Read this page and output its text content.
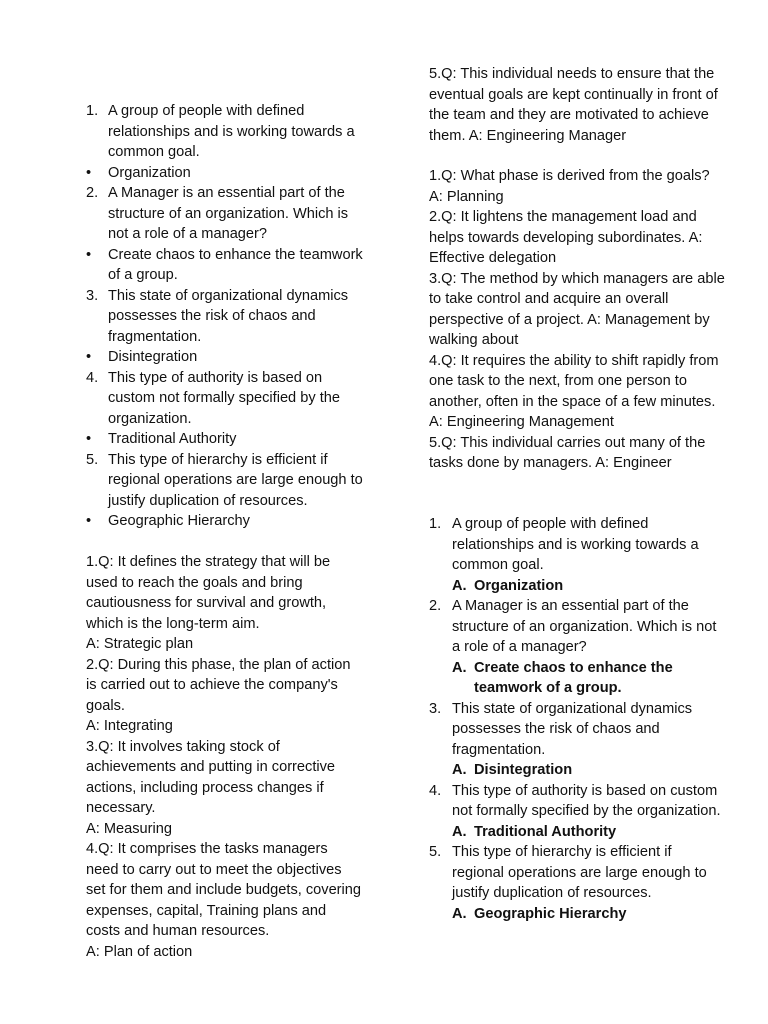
1. A group of people with defined relationships and is working towards a common goal.
•	Organization
2. A Manager is an essential part of the structure of an organization. Which is not a role of a manager?
•	Create chaos to enhance the teamwork of a group.
3. This state of organizational dynamics possesses the risk of chaos and fragmentation.
•	Disintegration
4. This type of authority is based on custom not formally specified by the organization.
•	Traditional Authority
5. This type of hierarchy is efficient if regional operations are large enough to justify duplication of resources.
•	Geographic Hierarchy
1.Q: It defines the strategy that will be used to reach the goals and bring cautiousness for survival and growth, which is the long-term aim.
A: Strategic plan
2.Q: During this phase, the plan of action is carried out to achieve the company's goals.
A: Integrating
3.Q: It involves taking stock of achievements and putting in corrective actions, including process changes if necessary.
A: Measuring
4.Q: It comprises the tasks managers need to carry out to meet the objectives set for them and include budgets, covering expenses, capital, Training plans and costs and human resources.
A: Plan of action
5.Q: This individual needs to ensure that the eventual goals are kept continually in front of the team and they are motivated to achieve them. A: Engineering Manager
1.Q: What phase is derived from the goals?
A: Planning
2.Q: It lightens the management load and helps towards developing subordinates. A: Effective delegation
3.Q: The method by which managers are able to take control and acquire an overall perspective of a project. A: Management by walking about
4.Q: It requires the ability to shift rapidly from one task to the next, from one person to another, often in the space of a few minutes. A: Engineering Management
5.Q: This individual carries out many of the tasks done by managers. A: Engineer
1. A group of people with defined relationships and is working towards a common goal.
A. Organization
2. A Manager is an essential part of the structure of an organization. Which is not a role of a manager?
A. Create chaos to enhance the teamwork of a group.
3. This state of organizational dynamics possesses the risk of chaos and fragmentation.
A. Disintegration
4. This type of authority is based on custom not formally specified by the organization.
A. Traditional Authority
5. This type of hierarchy is efficient if regional operations are large enough to justify duplication of resources.
A. Geographic Hierarchy
